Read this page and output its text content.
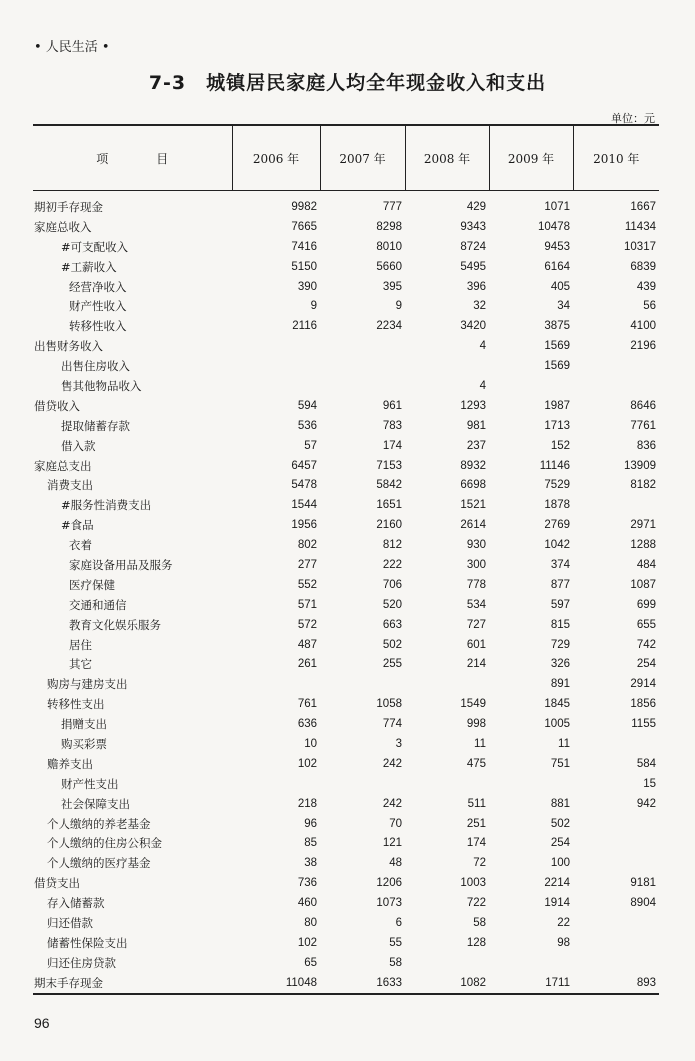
• 人民生活 •
7-3　城镇居民家庭人均全年现金收入和支出
单位：元
项　　　　目	2006 年	2007 年	2008 年	2009 年	2010 年
期初手存现金	9982	777	429	1071	1667
家庭总收入	7665	8298	9343	10478	11434
#可支配收入	7416	8010	8724	9453	10317
#工薪收入	5150	5660	5495	6164	6839
经营净收入	390	395	396	405	439
财产性收入	9	9	32	34	56
转移性收入	2116	2234	3420	3875	4100
出售财务收入			4	1569	2196
出售住房收入				1569	
售其他物品收入			4		
借贷收入	594	961	1293	1987	8646
提取储蓄存款	536	783	981	1713	7761
借入款	57	174	237	152	836
家庭总支出	6457	7153	8932	11146	13909
消费支出	5478	5842	6698	7529	8182
#服务性消费支出	1544	1651	1521	1878	
#食品	1956	2160	2614	2769	2971
衣着	802	812	930	1042	1288
家庭设备用品及服务	277	222	300	374	484
医疗保健	552	706	778	877	1087
交通和通信	571	520	534	597	699
教育文化娱乐服务	572	663	727	815	655
居住	487	502	601	729	742
其它	261	255	214	326	254
购房与建房支出				891	2914
转移性支出	761	1058	1549	1845	1856
捐赠支出	636	774	998	1005	1155
购买彩票	10	3	11	11	
赡养支出	102	242	475	751	584
财产性支出					15
社会保障支出	218	242	511	881	942
个人缴纳的养老基金	96	70	251	502	
个人缴纳的住房公积金	85	121	174	254	
个人缴纳的医疗基金	38	48	72	100	
借贷支出	736	1206	1003	2214	9181
存入储蓄款	460	1073	722	1914	8904
归还借款	80	6	58	22	
储蓄性保险支出	102	55	128	98	
归还住房贷款	65	58			
期末手存现金	11048	1633	1082	1711	893
96
